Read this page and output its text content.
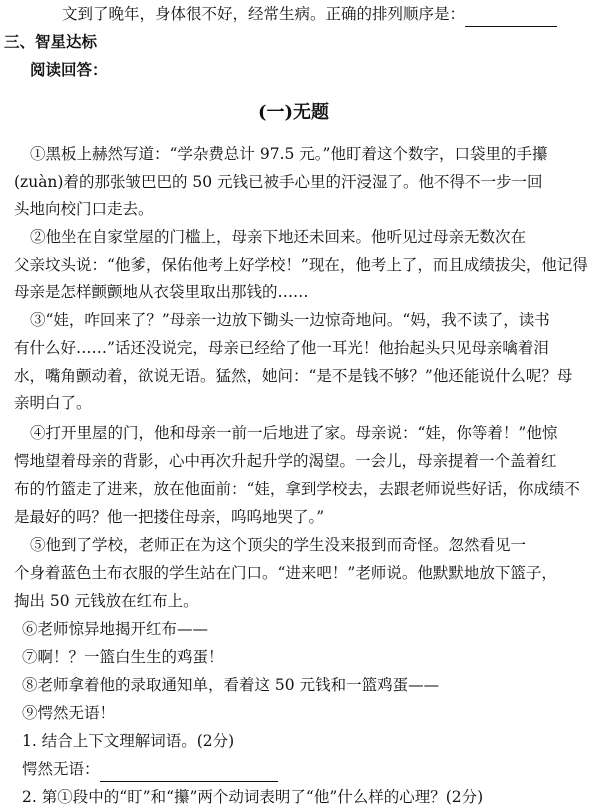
文到了晚年，身体很不好，经常生病。正确的排列顺序是：
三、智星达标
阅读回答：
(一)无题
①黑板上赫然写道：“学杂费总计 97.5 元。”他盯着这个数字，口袋里的手攥
(zuàn)着的那张皱巴巴的 50 元钱已被手心里的汗浸湿了。他不得不一步一回
头地向校门口走去。
②他坐在自家堂屋的门槛上，母亲下地还未回来。他听见过母亲无数次在
父亲坟头说：“他爹，保佑他考上好学校！”现在，他考上了，而且成绩拔尖，他记得
母亲是怎样颤颤地从衣袋里取出那钱的……
③“娃，咋回来了？”母亲一边放下锄头一边惊奇地问。“妈，我不读了，读书
有什么好……”话还没说完，母亲已经给了他一耳光！他抬起头只见母亲噙着泪
水，嘴角颤动着，欲说无语。猛然，她问：“是不是钱不够？”他还能说什么呢？母
亲明白了。
④打开里屋的门，他和母亲一前一后地进了家。母亲说：“娃，你等着！”他惊
愕地望着母亲的背影，心中再次升起升学的渴望。一会儿，母亲提着一个盖着红
布的竹篮走了进来，放在他面前：“娃，拿到学校去，去跟老师说些好话，你成绩不
是最好的吗？他一把搂住母亲，呜呜地哭了。”
⑤他到了学校，老师正在为这个顶尖的学生没来报到而奇怪。忽然看见一
个身着蓝色土布衣服的学生站在门口。“进来吧！”老师说。他默默地放下篮子，
掏出 50 元钱放在红布上。
⑥老师惊异地揭开红布——
⑦啊！？一篮白生生的鸡蛋！
⑧老师拿着他的录取通知单，看着这 50 元钱和一篮鸡蛋——
⑨愕然无语！
1. 结合上下文理解词语。(2分)
愕然无语：
2. 第①段中的“盯”和“攥”两个动词表明了“他”什么样的心理？(2分)
